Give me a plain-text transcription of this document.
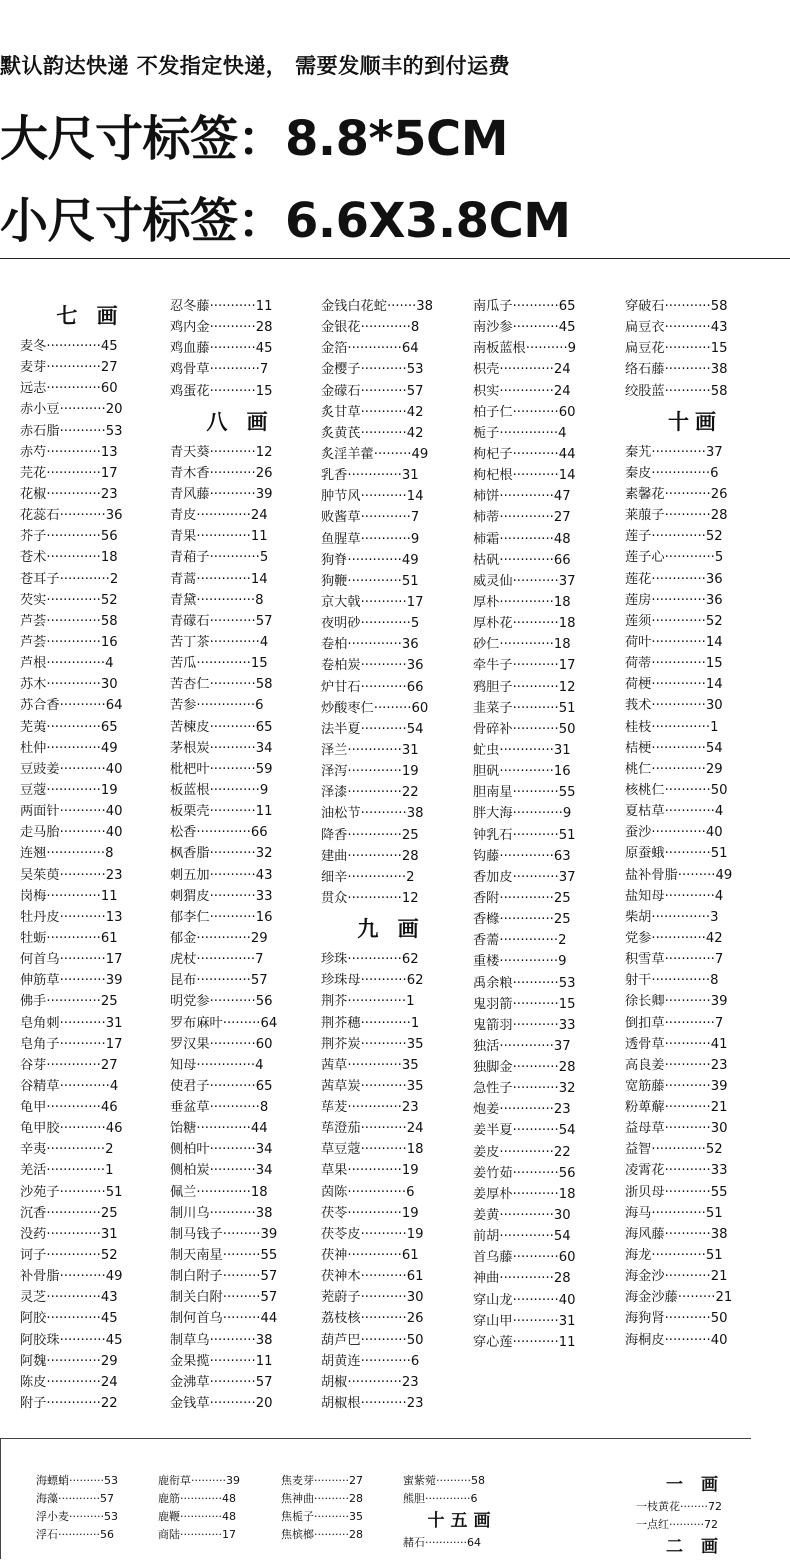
默认韵达快递 不发指定快递， 需要发顺丰的到付运费
大尺寸标签：8.8*5CM
小尺寸标签：6.6X3.8CM
七 画
麦冬·············45
麦芽·············27
远志·············60
赤小豆···········20
赤石脂···········53
赤芍·············13
芫花·············17
花椒·············23
花蕊石···········36
芥子·············56
苍术·············18
苍耳子············2
芡实·············52
芦荟·············58
芦荟·············16
芦根··············4
苏木·············30
苏合香···········64
芜荑·············65
杜仲·············49
豆豉姜···········40
豆蔻·············19
两面针···········40
走马胎···········40
连翘··············8
吴茱萸···········23
岗梅·············11
牡丹皮···········13
牡蛎·············61
何首乌···········17
伸筋草···········39
佛手·············25
皂角刺···········31
皂角子···········17
谷芽·············27
谷精草············4
龟甲·············46
龟甲胶···········46
辛夷··············2
羌活··············1
沙苑子···········51
沉香·············25
没药·············31
诃子·············52
补骨脂···········49
灵芝·············43
阿胶·············45
阿胶珠···········45
阿魏·············29
陈皮·············24
附子·············22
忍冬藤···········11
鸡内金···········28
鸡血藤···········45
鸡骨草············7
鸡蛋花···········15
八 画
青天葵···········12
青木香···········26
青风藤···········39
青皮·············24
青果·············11
青葙子············5
青蒿·············14
青黛··············8
青礞石···········57
苦丁茶············4
苦瓜·············15
苦杏仁···········58
苦参··············6
苦楝皮···········65
茅根炭···········34
枇杷叶···········59
板蓝根············9
板栗壳···········11
松香·············66
枫香脂···········32
刺五加···········43
刺猬皮···········33
郁李仁···········16
郁金·············29
虎杖··············7
昆布·············57
明党参···········56
罗布麻叶·········64
罗汉果···········60
知母··············4
使君子···········65
垂盆草············8
饴糖·············44
侧柏叶···········34
侧柏炭···········34
佩兰·············18
制川乌···········38
制马钱子·········39
制天南星·········55
制白附子·········57
制关白附·········57
制何首乌·········44
制草乌···········38
金果揽···········11
金沸草···········57
金钱草···········20
金钱白花蛇·······38
金银花············8
金箔·············64
金樱子···········53
金礞石···········57
炙甘草···········42
炙黄芪···········42
炙淫羊藿·········49
乳香·············31
肿节风···········14
败酱草············7
鱼腥草············9
狗脊·············49
狗鞭·············51
京大戟···········17
夜明砂············5
卷柏·············36
卷柏炭···········36
炉甘石···········66
炒酸枣仁·········60
法半夏···········54
泽兰·············31
泽泻·············19
泽漆·············22
油松节···········38
降香·············25
建曲·············28
细辛··············2
贯众·············12
九 画
珍珠·············62
珍珠母···········62
荆芥··············1
荆芥穗············1
荆芥炭···········35
茜草·············35
茜草炭···········35
荜茇·············23
荜澄茄···········24
草豆蔻···········18
草果·············19
茵陈··············6
茯苓·············19
茯苓皮···········19
茯神·············61
茯神木···········61
茺蔚子···········30
荔枝核···········26
葫芦巴···········50
胡黄连············6
胡椒·············23
胡椒根···········23
南瓜子···········65
南沙参···········45
南板蓝根··········9
枳壳·············24
枳实·············24
柏子仁···········60
栀子··············4
枸杞子···········44
枸杞根···········14
柿饼·············47
柿蒂·············27
柿霜·············48
枯矾·············66
威灵仙···········37
厚朴·············18
厚朴花···········18
砂仁·············18
牵牛子···········17
鸦胆子···········12
韭菜子···········51
骨碎补···········50
虻虫·············31
胆矾·············16
胆南星···········55
胖大海············9
钟乳石···········51
钩藤·············63
香加皮···········37
香附·············25
香橼·············25
香薷··············2
重楼··············9
禹余粮···········53
鬼羽箭···········15
鬼箭羽···········33
独活·············37
独脚金···········28
急性子···········32
炮姜·············23
姜半夏···········54
姜皮·············22
姜竹茹···········56
姜厚朴···········18
姜黄·············30
前胡·············54
首乌藤···········60
神曲·············28
穿山龙···········40
穿山甲···········31
穿心莲···········11
穿破石···········58
扁豆衣···········43
扁豆花···········15
络石藤···········38
绞股蓝···········58
十画
秦艽·············37
秦皮··············6
素馨花···········26
莱菔子···········28
莲子·············52
莲子心············5
莲花·············36
莲房·············36
莲须·············52
荷叶·············14
荷蒂·············15
荷梗·············14
莪术·············30
桂枝··············1
桔梗·············54
桃仁·············29
核桃仁···········50
夏枯草············4
蚕沙·············40
原蚕蛾···········51
盐补骨脂·········49
盐知母············4
柴胡··············3
党参·············42
积雪草············7
射干··············8
徐长卿···········39
倒扣草············7
透骨草···········41
高良姜···········23
宽筋藤···········39
粉萆薢···········21
益母草···········30
益智·············52
凌霄花···········33
浙贝母···········55
海马·············51
海风藤···········38
海龙·············51
海金沙···········21
海金沙藤·········21
海狗肾···········50
海桐皮···········40
海螵蛸··········53
海藻············57
浮小麦··········53
浮石············56
鹿衔草··········39
鹿筋············48
鹿鞭············48
商陆············17
焦麦芽··········27
焦神曲··········28
焦栀子··········35
焦槟榔··········28
蜜紫菀··········58
熊胆·············6
十五画
赭石············64
一 画
一枝黄花········72
一点红··········72
二 画
